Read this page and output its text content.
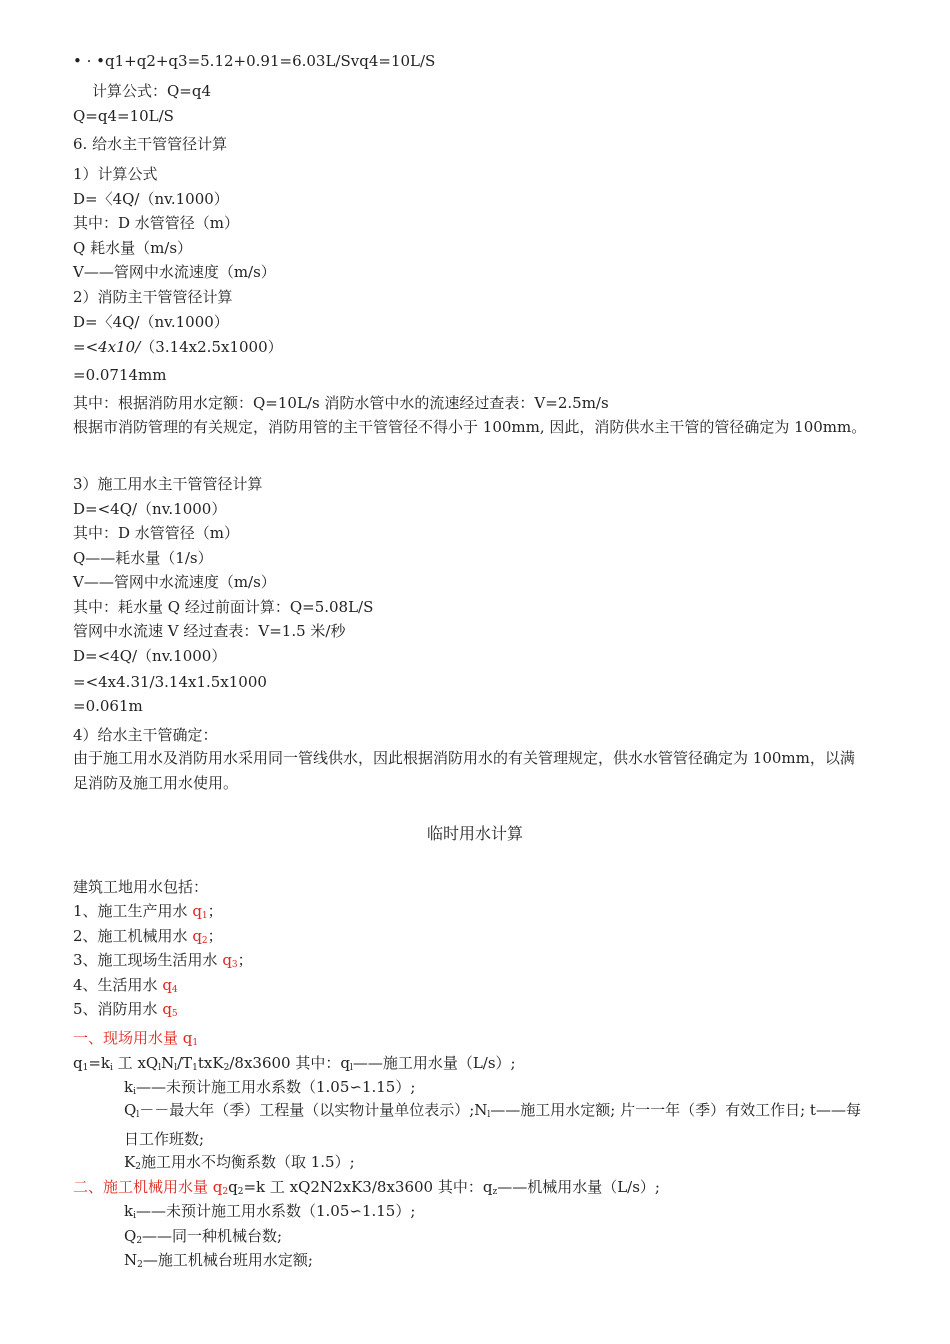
• · •q1+q2+q3=5.12+0.91=6.03L/Svq4=10L/S
计算公式：Q=q4
Q=q4=10L/S
6. 给水主干管管径计算
1）计算公式
D=〈4Q/（nv.1000）
其中：D 水管管径（m）
Q 耗水量（m/s）
V——管网中水流速度（m/s）
2）消防主干管管径计算
D=〈4Q/（nv.1000）
=<4x10/（3.14x2.5x1000）
=0.0714mm
其中：根据消防用水定额：Q=10L/s 消防水管中水的流速经过查表：V=2.5m/s
根据市消防管理的有关规定，消防用管的主干管管径不得小于 100mm, 因此，消防供水主干管的管径确定为 100mm。
3）施工用水主干管管径计算
D=<4Q/（nv.1000）
其中：D 水管管径（m）
Q——耗水量（1/s）
V——管网中水流速度（m/s）
其中：耗水量 Q 经过前面计算：Q=5.08L/S
管网中水流速 V 经过查表：V=1.5 米/秒
D=<4Q/（nv.1000）
=<4x4.31/3.14x1.5x1000
=0.061m
4）给水主干管确定：
由于施工用水及消防用水采用同一管线供水，因此根据消防用水的有关管理规定，供水水管管径确定为 100mm，以满足消防及施工用水使用。
临时用水计算
建筑工地用水包括：
1、施工生产用水 $q_1$；
2、施工机械用水 $q_2$；
3、施工现场生活用水 $q_3$；
4、生活用水 $q_4$
5、消防用水 $q_5$
一、现场用水量 $q_1$
$q_1=k_i$ 工 $xQ_lN_l/T_1txK_2/8x3600$ 其中：$q_l——$施工用水量（L/s）;
$k_i——$未预计施工用水系数（1.05∽1.15）;
$Q_l--$最大年（季）工程量（以实物计量单位表示）$;N_l——$施工用水定额; 片一一年（季）有效工作日; t——每日工作班数;
$K_2$施工用水不均衡系数（取 1.5）;
二、施工机械用水量 $q_2q_2=k$ 工 xQ2N2xK3/8x3600 其中：$q_z——$机械用水量（L/s）;
$k_i——$未预计施工用水系数（1.05∽1.15）;
$Q_2——$同一种机械台数;
$N_2—$施工机械台班用水定额;
